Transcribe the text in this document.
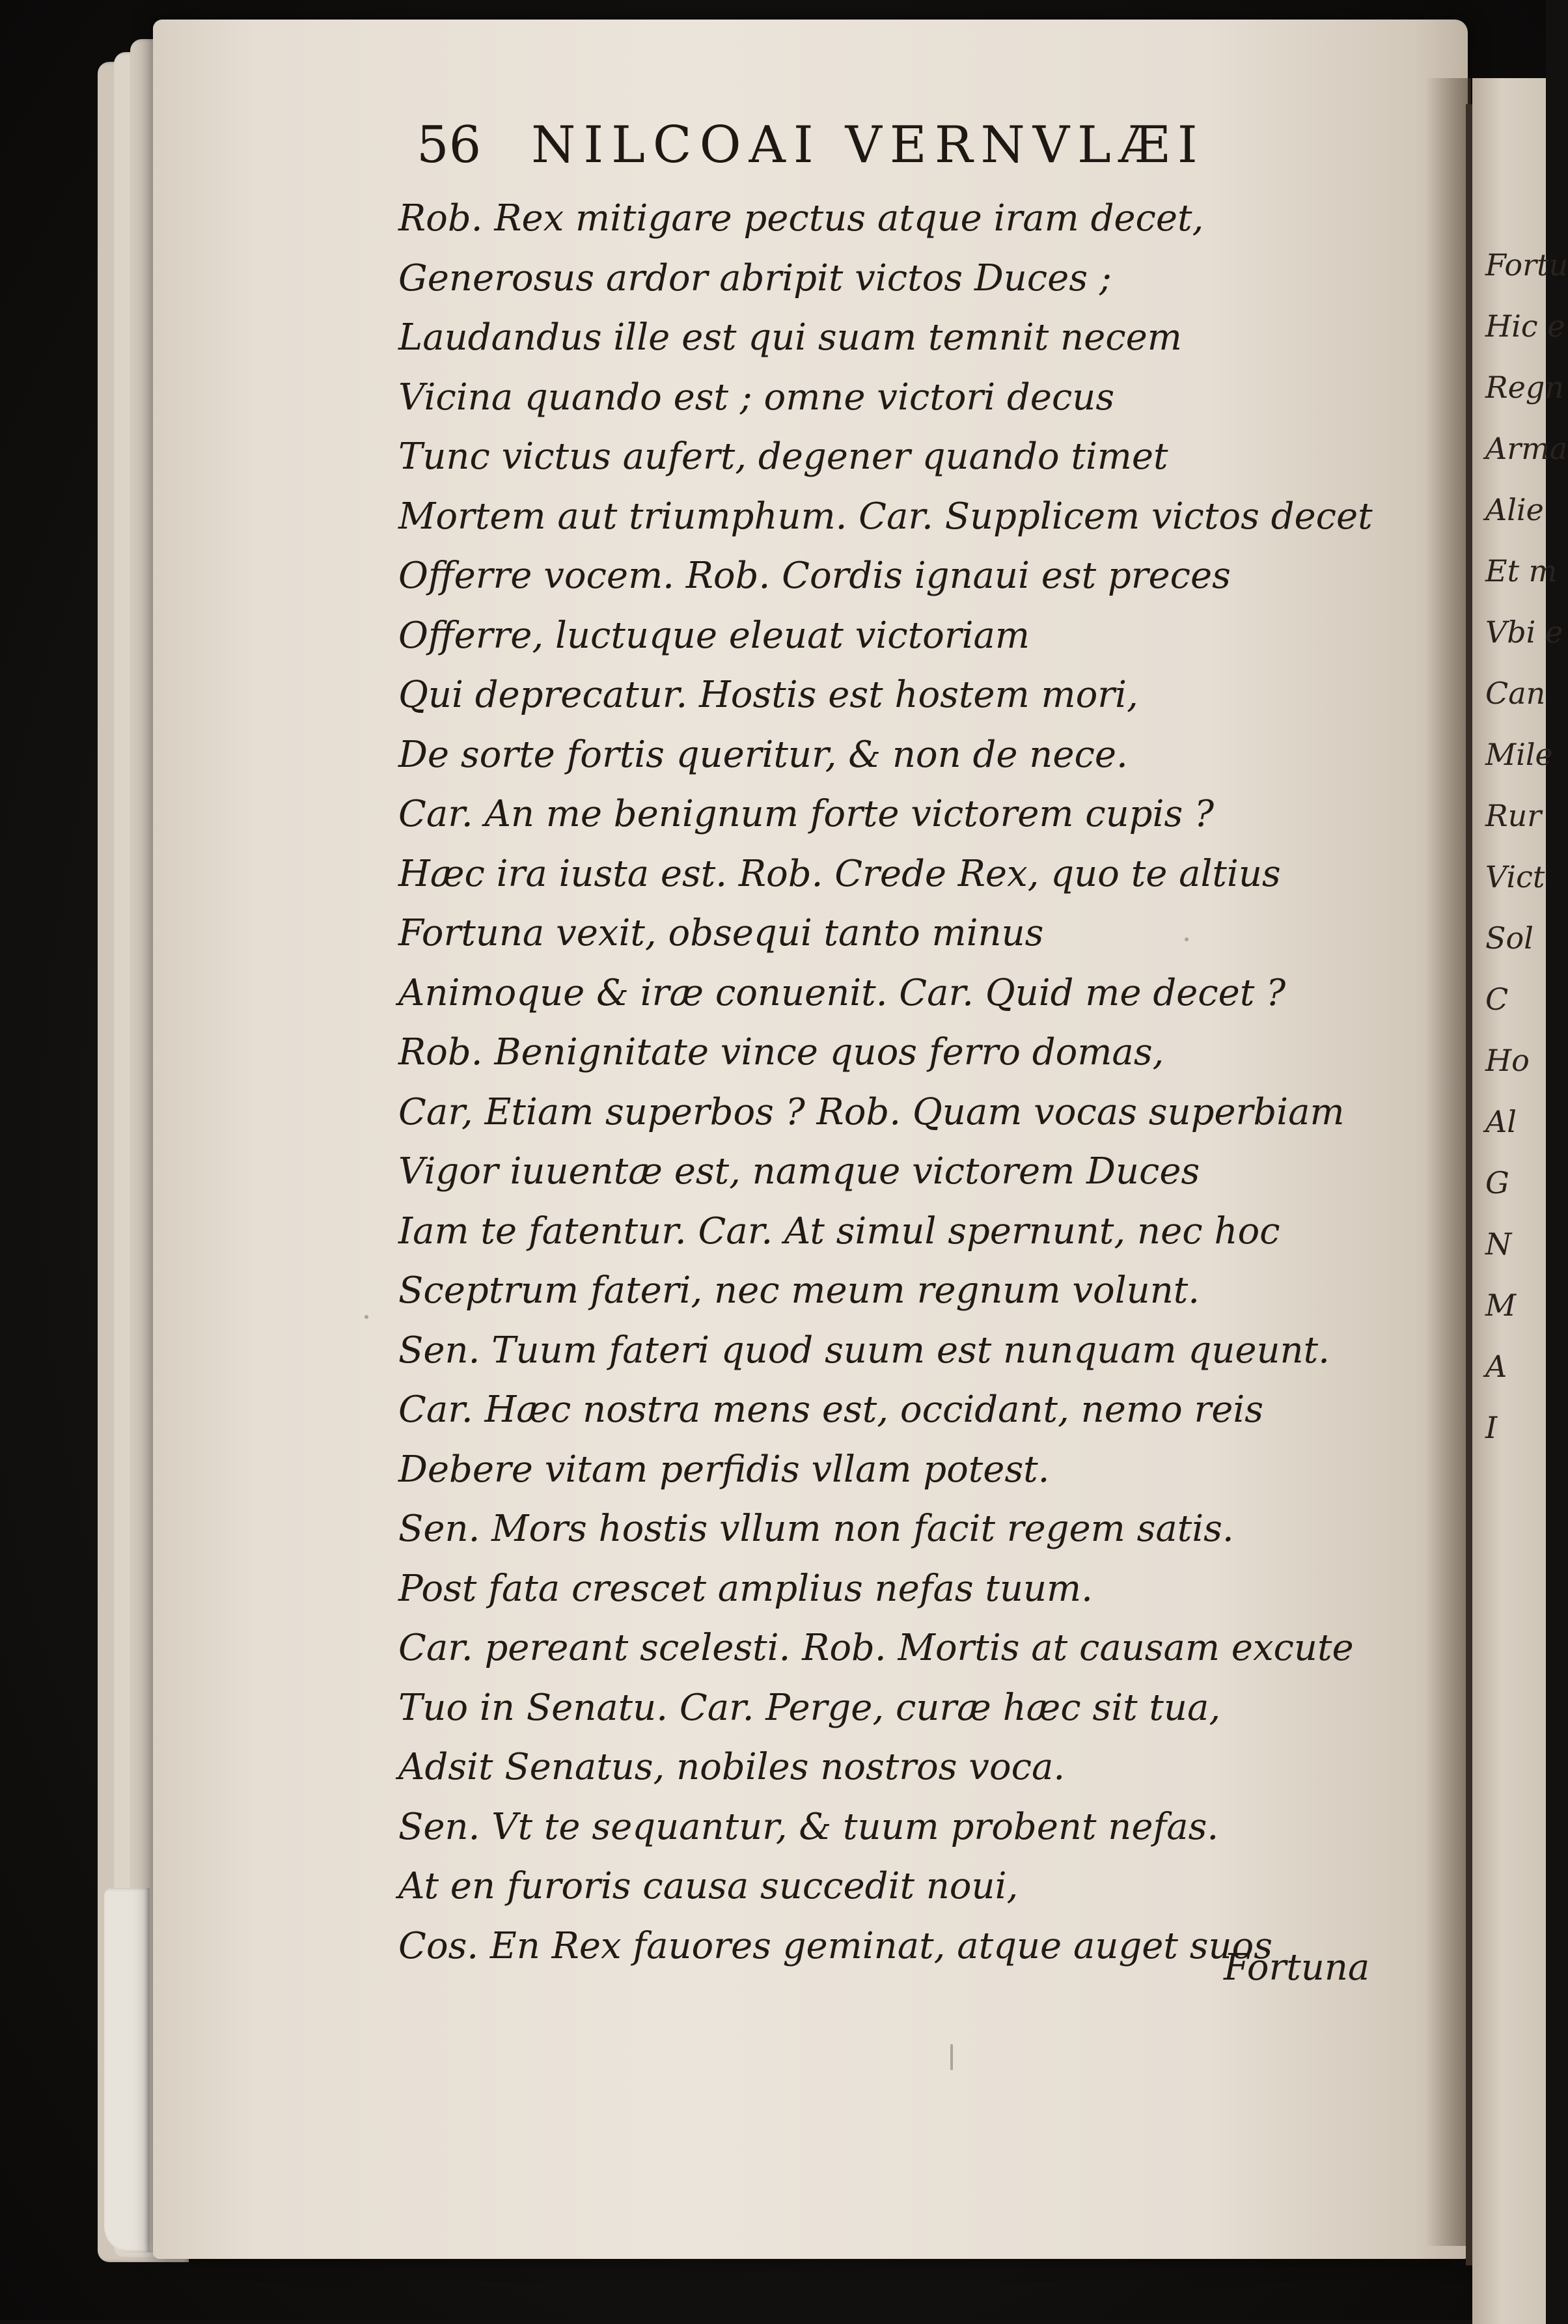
Fortu
Hic e
Regn
Arma
Alie
Et m
Vbi e
Can
Mile
Rur
Vict
Sol
C
Ho
Al
G
N
M
A
I
56 NILCOAI VERNVLÆI
Rob. Rex mitigare pectus atque iram decet,
Generosus ardor abripit victos Duces ;
Laudandus ille est qui suam temnit necem
Vicina quando est ; omne victori decus
Tunc victus aufert, degener quando timet
Mortem aut triumphum. Car. Supplicem victos decet
Offerre vocem. Rob. Cordis ignaui est preces
Offerre, luctuque eleuat victoriam
Qui deprecatur. Hostis est hostem mori,
De sorte fortis queritur, & non de nece.
Car. An me benignum forte victorem cupis ?
Hæc ira iusta est. Rob. Crede Rex, quo te altius
Fortuna vexit, obsequi tanto minus
Animoque & iræ conuenit. Car. Quid me decet ?
Rob. Benignitate vince quos ferro domas,
Car, Etiam superbos ? Rob. Quam vocas superbiam
Vigor iuuentæ est, namque victorem Duces
Iam te fatentur. Car. At simul spernunt, nec hoc
Sceptrum fateri, nec meum regnum volunt.
Sen. Tuum fateri quod suum est nunquam queunt.
Car. Hæc nostra mens est, occidant, nemo reis
Debere vitam perfidis vllam potest.
Sen. Mors hostis vllum non facit regem satis.
Post fata crescet amplius nefas tuum.
Car. pereant scelesti. Rob. Mortis at causam excute
Tuo in Senatu. Car. Perge, curæ hæc sit tua,
Adsit Senatus, nobiles nostros voca.
Sen. Vt te sequantur, & tuum probent nefas.
At en furoris causa succedit noui,
Cos. En Rex fauores geminat, atque auget suos
Fortuna
